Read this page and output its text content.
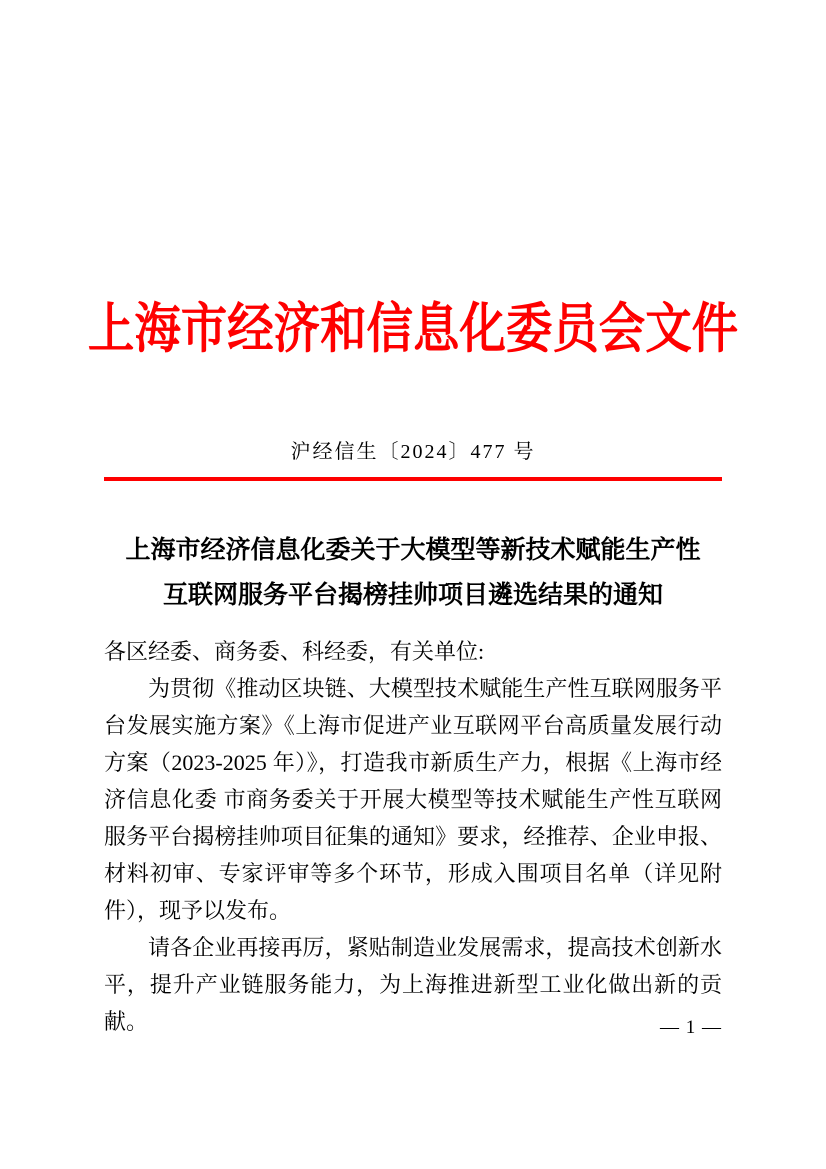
上海市经济和信息化委员会文件
沪经信生〔2024〕477 号
上海市经济信息化委关于大模型等新技术赋能生产性
互联网服务平台揭榜挂帅项目遴选结果的通知

各区经委、商务委、科经委，有关单位:

为贯彻《推动区块链、大模型技术赋能生产性互联网服务平台发展实施方案》《上海市促进产业互联网平台高质量发展行动方案（2023-2025 年）》，打造我市新质生产力，根据《上海市经济信息化委 市商务委关于开展大模型等技术赋能生产性互联网服务平台揭榜挂帅项目征集的通知》要求，经推荐、企业申报、材料初审、专家评审等多个环节，形成入围项目名单（详见附件），现予以发布。

请各企业再接再厉，紧贴制造业发展需求，提高技术创新水平，提升产业链服务能力，为上海推进新型工业化做出新的贡献。	— 1 —
